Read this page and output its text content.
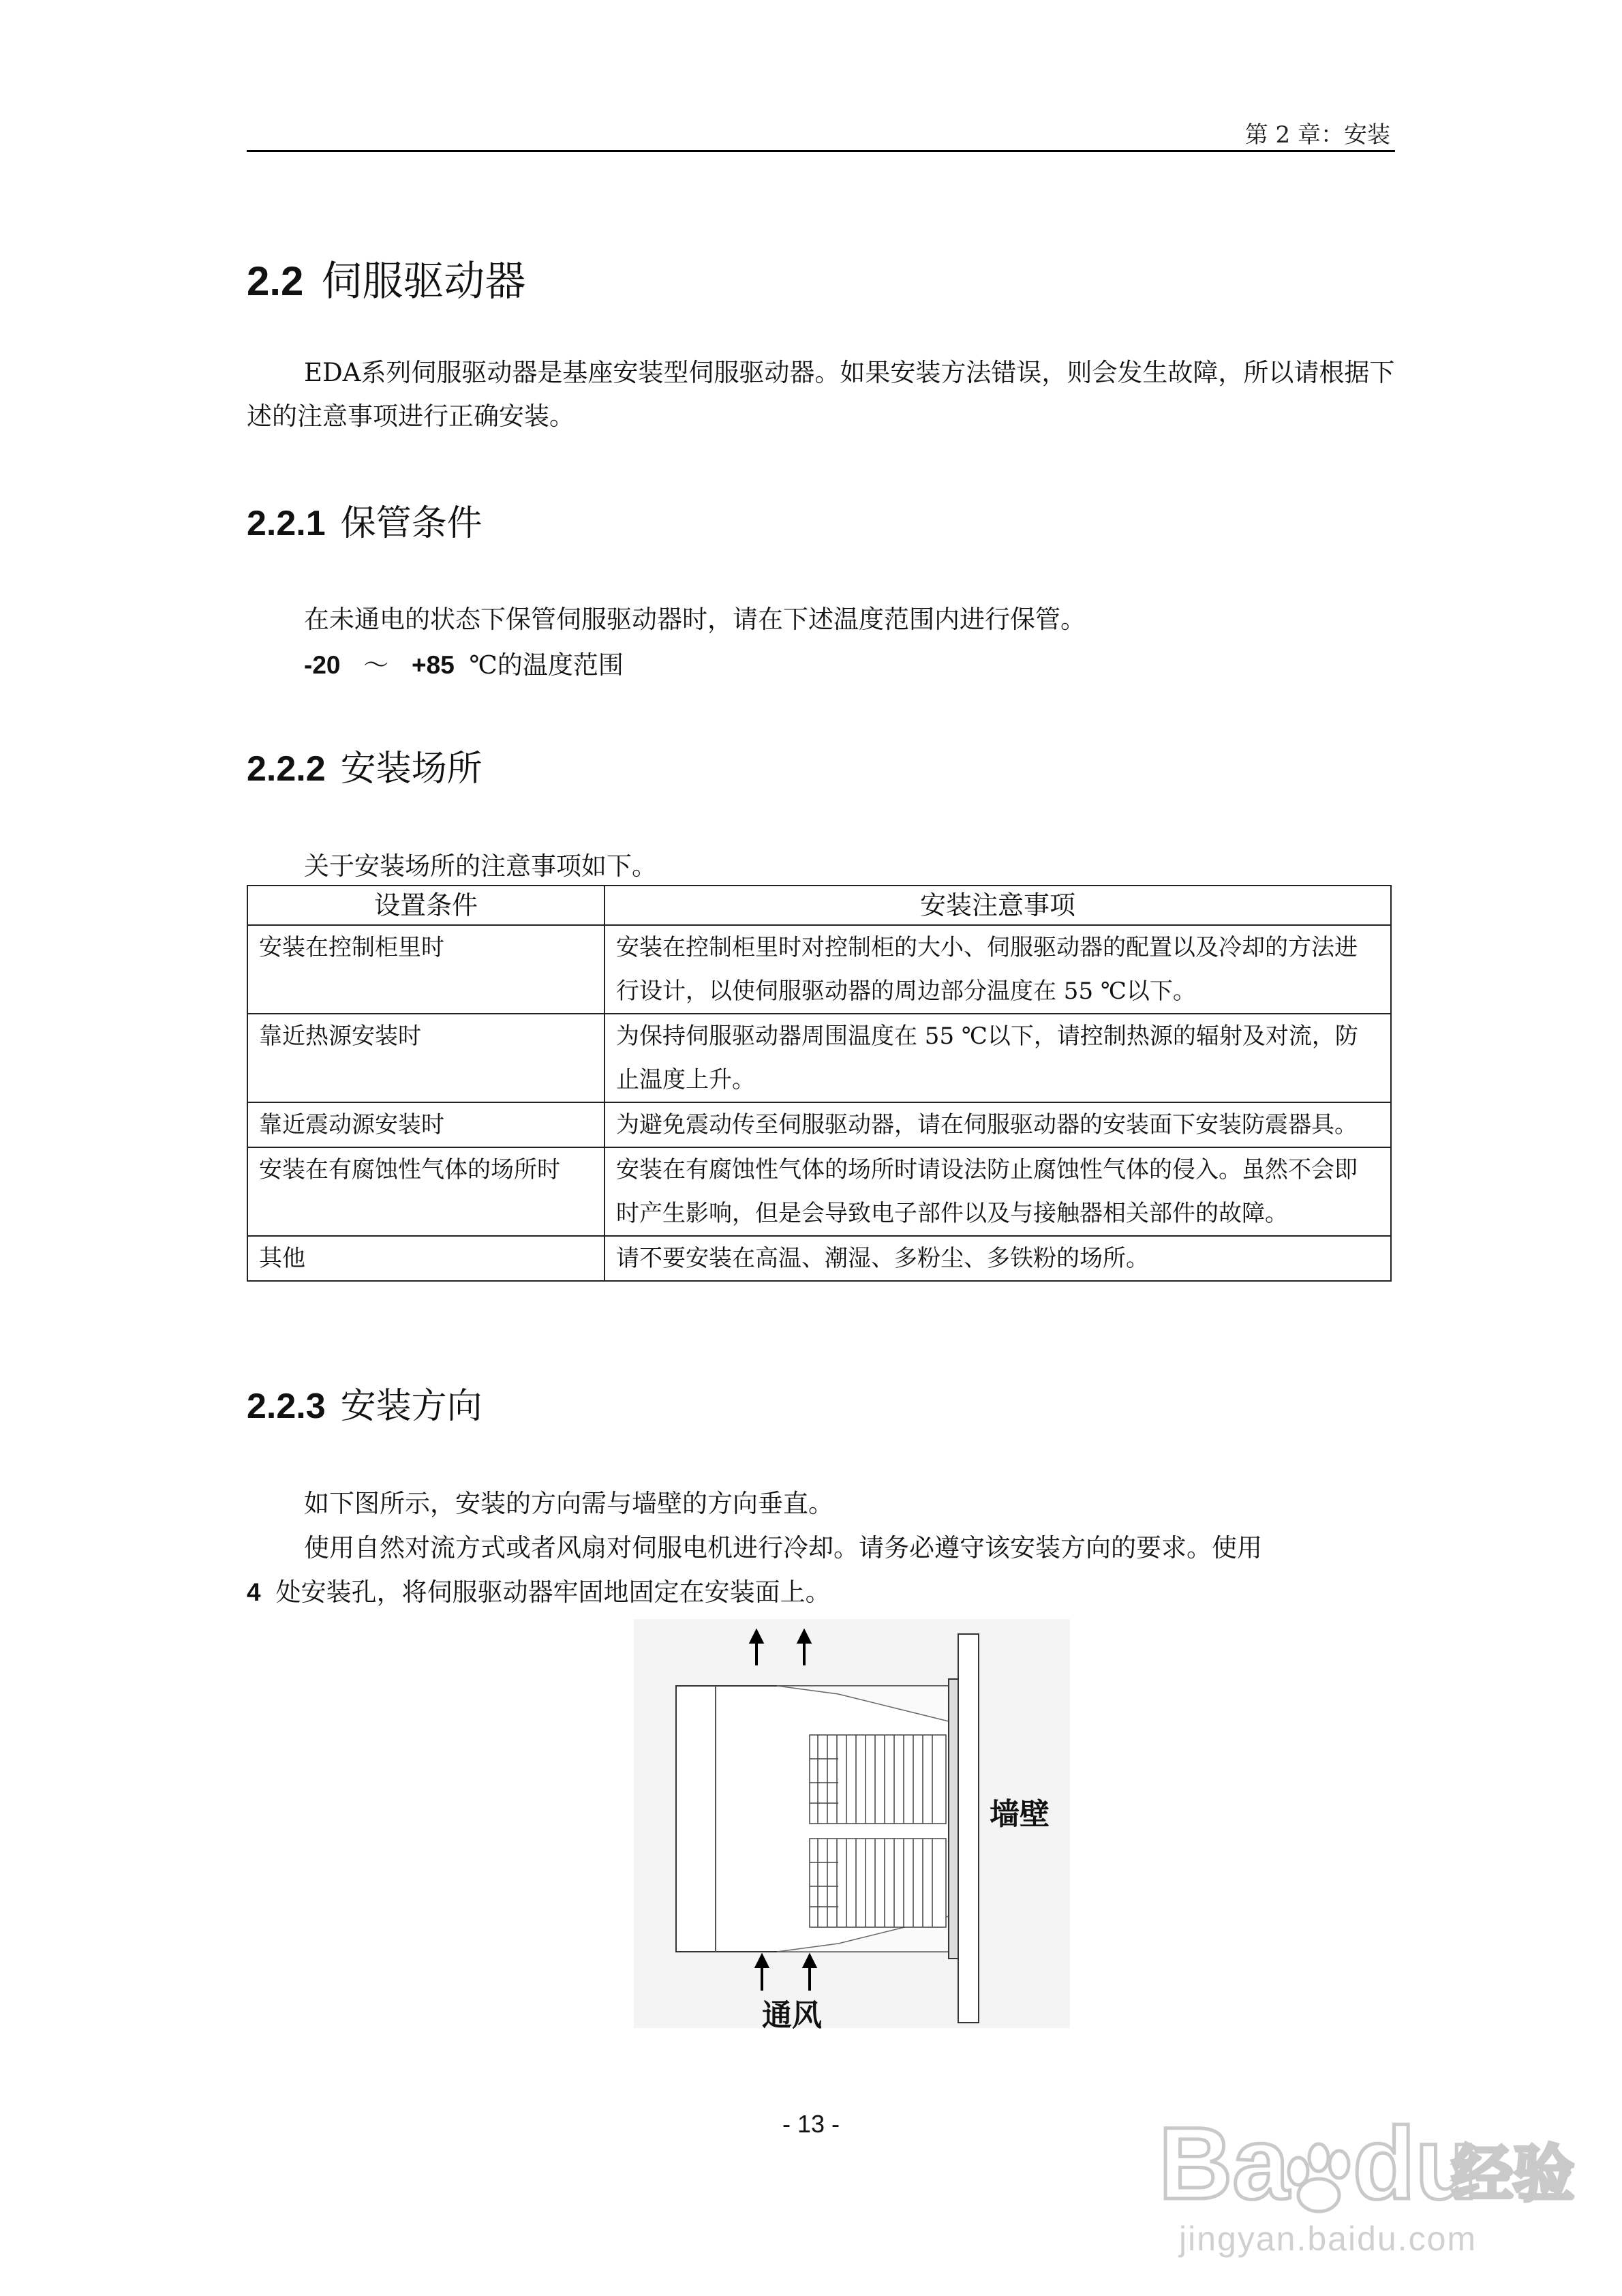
第 2 章：安装
2.2 伺服驱动器
EDA系列伺服驱动器是基座安装型伺服驱动器。如果安装方法错误，则会发生故障，所以请根据下述的注意事项进行正确安装。
2.2.1 保管条件
在未通电的状态下保管伺服驱动器时，请在下述温度范围内进行保管。
-20 ～ +85 ℃的温度范围
2.2.2 安装场所
关于安装场所的注意事项如下。
设置条件	安装注意事项
安装在控制柜里时	安装在控制柜里时对控制柜的大小、伺服驱动器的配置以及冷却的方法进行设计，以使伺服驱动器的周边部分温度在 55 ℃以下。
靠近热源安装时	为保持伺服驱动器周围温度在 55 ℃以下，请控制热源的辐射及对流，防止温度上升。
靠近震动源安装时	为避免震动传至伺服驱动器，请在伺服驱动器的安装面下安装防震器具。
安装在有腐蚀性气体的场所时	安装在有腐蚀性气体的场所时请设法防止腐蚀性气体的侵入。虽然不会即时产生影响，但是会导致电子部件以及与接触器相关部件的故障。
其他	请不要安装在高温、潮湿、多粉尘、多铁粉的场所。
2.2.3 安装方向
如下图所示，安装的方向需与墙壁的方向垂直。
使用自然对流方式或者风扇对伺服电机进行冷却。请务必遵守该安装方向的要求。使用
4 处安装孔，将伺服驱动器牢固地固定在安装面上。
墙壁
通风
- 13 -	Ba du
经验
jingyan.baidu.com
